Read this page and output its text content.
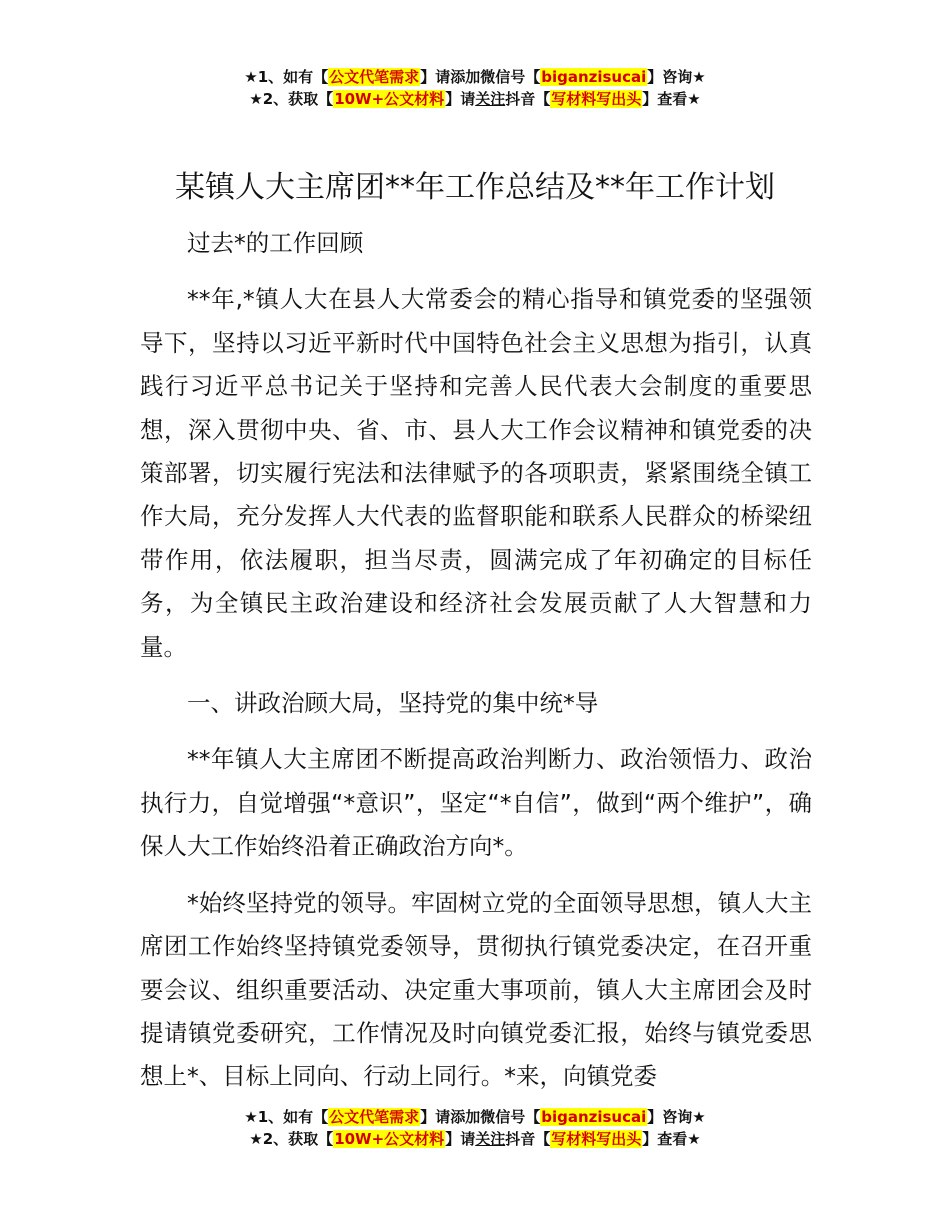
★1、如有【公文代笔需求】请添加微信号【biganzisucai】咨询★
★2、获取【10W+公文材料】请关注抖音【写材料写出头】查看★
某镇人大主席团**年工作总结及**年工作计划

过去*的工作回顾

**年,*镇人大在县人大常委会的精心指导和镇党委的坚强领导下，坚持以习近平新时代中国特色社会主义思想为指引，认真践行习近平总书记关于坚持和完善人民代表大会制度的重要思想，深入贯彻中央、省、市、县人大工作会议精神和镇党委的决策部署，切实履行宪法和法律赋予的各项职责，紧紧围绕全镇工作大局，充分发挥人大代表的监督职能和联系人民群众的桥梁纽带作用，依法履职，担当尽责，圆满完成了年初确定的目标任务，为全镇民主政治建设和经济社会发展贡献了人大智慧和力量。

一、讲政治顾大局，坚持党的集中统*导

**年镇人大主席团不断提高政治判断力、政治领悟力、政治执行力，自觉增强“*意识”，坚定“*自信”，做到“两个维护”，确保人大工作始终沿着正确政治方向*。

*始终坚持党的领导。牢固树立党的全面领导思想，镇人大主席团工作始终坚持镇党委领导，贯彻执行镇党委决定，在召开重要会议、组织重要活动、决定重大事项前，镇人大主席团会及时提请镇党委研究，工作情况及时向镇党委汇报，始终与镇党委思想上*、目标上同向、行动上同行。*来，向镇党委

★1、如有【公文代笔需求】请添加微信号【biganzisucai】咨询★
★2、获取【10W+公文材料】请关注抖音【写材料写出头】查看★
